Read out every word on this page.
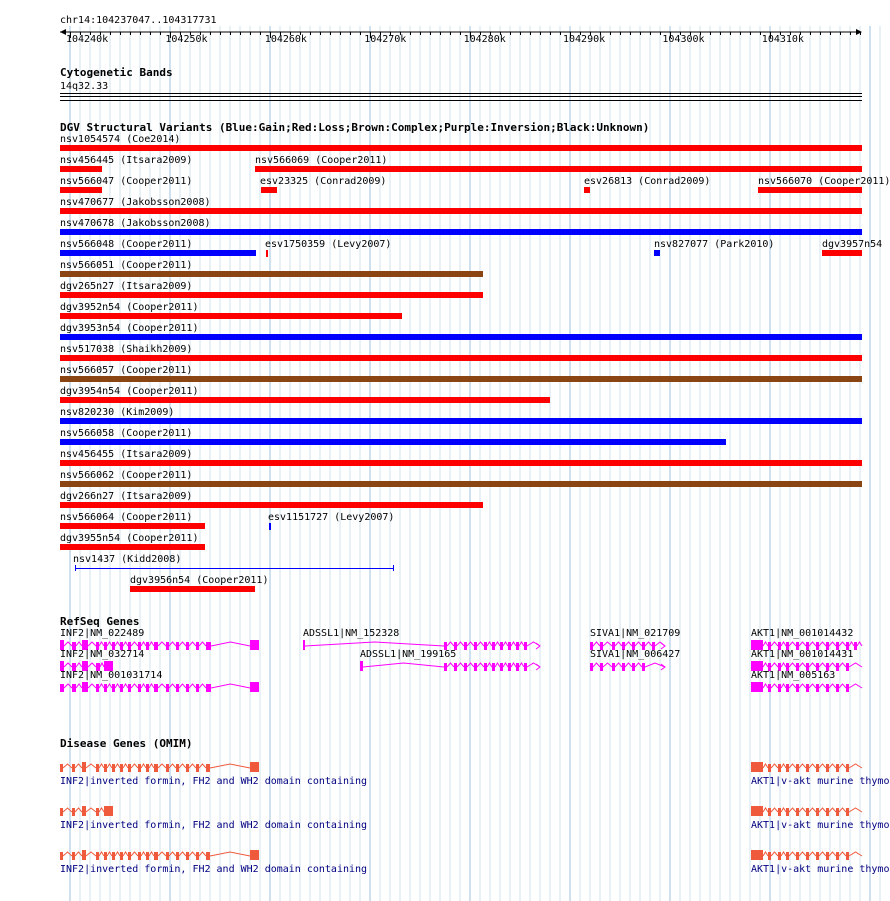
chr14:104237047..104317731
104240k	104250k	104260k	104270k	104280k	104290k	104300k	104310k
Cytogenetic Bands
14q32.33
DGV Structural Variants (Blue:Gain;Red:Loss;Brown:Complex;Purple:Inversion;Black:Unknown)
nsv1054574 (Coe2014)
nsv456445 (Itsara2009)	nsv566069 (Cooper2011)
nsv566047 (Cooper2011)	esv23325 (Conrad2009)	esv26813 (Conrad2009)	nsv566070 (Cooper2011)
nsv470677 (Jakobsson2008)
nsv470678 (Jakobsson2008)
nsv566048 (Cooper2011)	esv1750359 (Levy2007)	nsv827077 (Park2010)	dgv3957n54
nsv566051 (Cooper2011)
dgv265n27 (Itsara2009)
dgv3952n54 (Cooper2011)
dgv3953n54 (Cooper2011)
nsv517038 (Shaikh2009)
nsv566057 (Cooper2011)
dgv3954n54 (Cooper2011)
nsv820230 (Kim2009)
nsv566058 (Cooper2011)
nsv456455 (Itsara2009)
nsv566062 (Cooper2011)
dgv266n27 (Itsara2009)
nsv566064 (Cooper2011)	esv1151727 (Levy2007)
dgv3955n54 (Cooper2011)
nsv1437 (Kidd2008)
dgv3956n54 (Cooper2011)
RefSeq Genes
INF2|NM_022489	ADSSL1|NM_152328	SIVA1|NM_021709	AKT1|NM_001014432
INF2|NM_032714	ADSSL1|NM_199165	SIVA1|NM_006427	AKT1|NM_001014431
INF2|NM_001031714	AKT1|NM_005163
Disease Genes (OMIM)
INF2|inverted formin, FH2 and WH2 domain containing	AKT1|v-akt murine thymo
INF2|inverted formin, FH2 and WH2 domain containing	AKT1|v-akt murine thymo
INF2|inverted formin, FH2 and WH2 domain containing	AKT1|v-akt murine thymo
